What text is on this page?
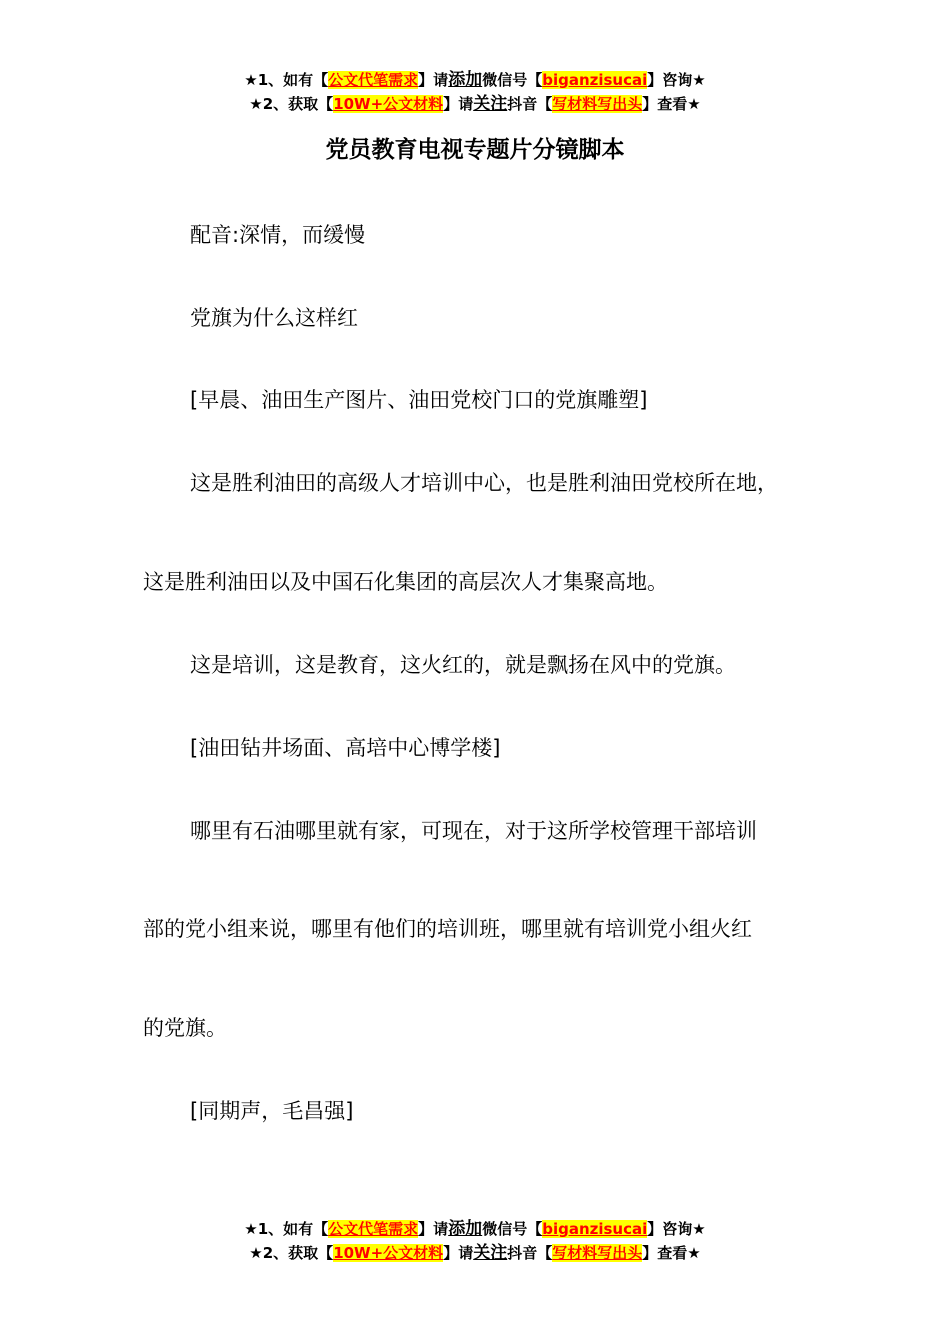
★1、如有【公文代笔需求】请添加微信号【biganzisucai】咨询★
★2、获取【10W+公文材料】请关注抖音【写材料写出头】查看★
党员教育电视专题片分镜脚本
配音:深情，而缓慢
党旗为什么这样红
[早晨、油田生产图片、油田党校门口的党旗雕塑]
这是胜利油田的高级人才培训中心，也是胜利油田党校所在地，
这是胜利油田以及中国石化集团的高层次人才集聚高地。
这是培训，这是教育，这火红的，就是飘扬在风中的党旗。
[油田钻井场面、高培中心博学楼]
哪里有石油哪里就有家，可现在，对于这所学校管理干部培训
部的党小组来说，哪里有他们的培训班，哪里就有培训党小组火红
的党旗。
[同期声，毛昌强]
★1、如有【公文代笔需求】请添加微信号【biganzisucai】咨询★
★2、获取【10W+公文材料】请关注抖音【写材料写出头】查看★
